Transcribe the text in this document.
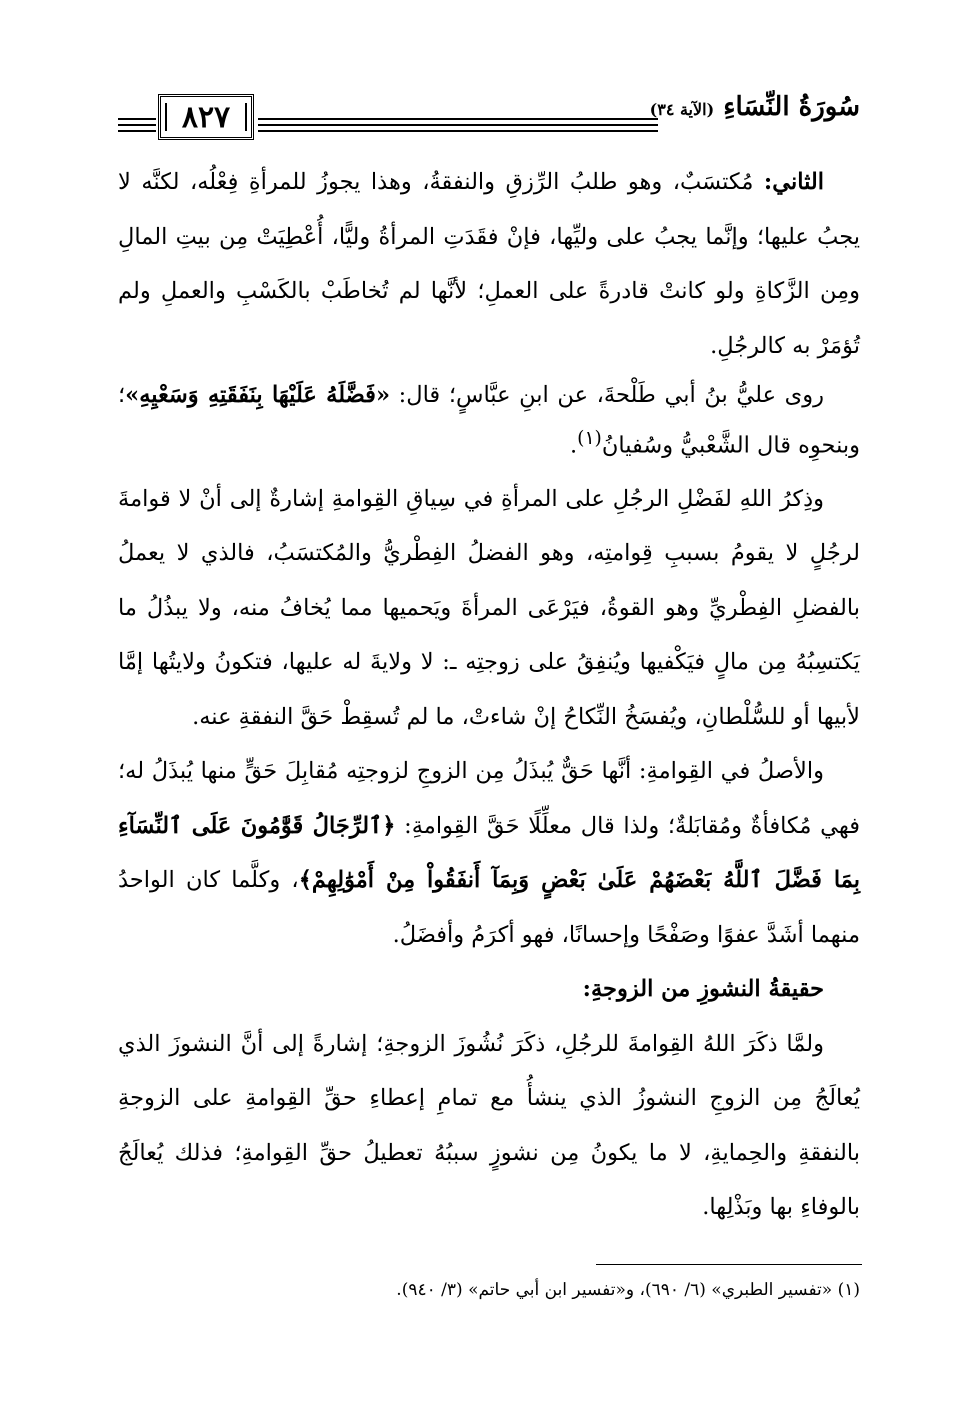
٨٢٧	سُورَةُ النِّسَاءِ (الآية ٣٤)

الثاني: مُكتسَبٌ، وهو طلبُ الرِّزقِ والنفقةُ، وهذا يجوزُ للمرأةِ فِعْلُه، لكنَّه لا يجبُ عليها؛ وإنَّما يجبُ على وليِّها، فإنْ فقَدَتِ المرأةُ وليًّا، أُعْطِيَتْ مِن بيتِ المالِ ومِن الزَّكاةِ ولو كانتْ قادرةً على العملِ؛ لأنَّها لم تُخاطَبْ بالكَسْبِ والعملِ ولم تُؤمَرْ به كالرجُلِ.

روى عليُّ بنُ أبي طَلْحةَ، عن ابنِ عبَّاسٍ؛ قال: «فَضَّلَهُ عَلَيْهَا بِنَفَقَتِهِ وَسَعْيِهِ»؛ وبنحوِه قال الشَّعْبيُّ وسُفيانُ$^{(١)}$.

وذِكرُ اللهِ لفَضْلِ الرجُلِ على المرأةِ في سِياقِ القِوامةِ إشارةٌ إلى أنْ لا قوامةَ لرجُلٍ لا يقومُ بسببِ قِوامتِه، وهو الفضلُ الفِطْريُّ والمُكتسَبُ، فالذي لا يعملُ بالفضلِ الفِطْريِّ وهو القوةُ، فيَرْعَى المرأةَ ويَحميها مما يُخافُ منه، ولا يبذُلُ ما يَكتسِبُهُ مِن مالٍ فيَكْفيها ويُنفِقُ على زوجتِه ـ: لا ولايةَ له عليها، فتكونُ ولايتُها إمَّا لأبيها أو للسُّلْطانِ، ويُفسَخُ النِّكاحُ إنْ شاءتْ، ما لم تُسقِطْ حَقَّ النفقةِ عنه.

والأصلُ في القِوامةِ: أنَّها حَقٌّ يُبذَلُ مِن الزوجِ لزوجتِه مُقابِلَ حَقٍّ منها يُبذَلُ له؛ فهي مُكافأةٌ ومُقابَلةٌ؛ ولذا قال معلِّلًا حَقَّ القِوامةِ: ﴿ٱلرِّجَالُ قَوَّٰمُونَ عَلَى ٱلنِّسَآءِ بِمَا فَضَّلَ ٱللَّهُ بَعْضَهُمْ عَلَىٰ بَعْضٍ وَبِمَآ أَنفَقُواْ مِنْ أَمْوَٰلِهِمْ﴾، وكلَّما كان الواحدُ منهما أشَدَّ عفوًا وصَفْحًا وإحسانًا، فهو أكرَمُ وأفضَلُ.

حقيقةُ النشوزِ من الزوجةِ:

ولمَّا ذكَرَ اللهُ القِوامةَ للرجُلِ، ذكَرَ نُشُوزَ الزوجةِ؛ إشارةً إلى أنَّ النشوزَ الذي يُعالَجُ مِن الزوجِ النشوزُ الذي ينشأُ مع تمامِ إعطاءِ حقِّ القِوامةِ على الزوجةِ بالنفقةِ والحِمايةِ، لا ما يكونُ مِن نشوزٍ سببُهُ تعطيلُ حقِّ القِوامةِ؛ فذلك يُعالَجُ بالوفاءِ بها وبَذْلِها.

(١) «تفسير الطبري» (٦/ ٦٩٠)، و«تفسير ابن أبي حاتم» (٣/ ٩٤٠).
